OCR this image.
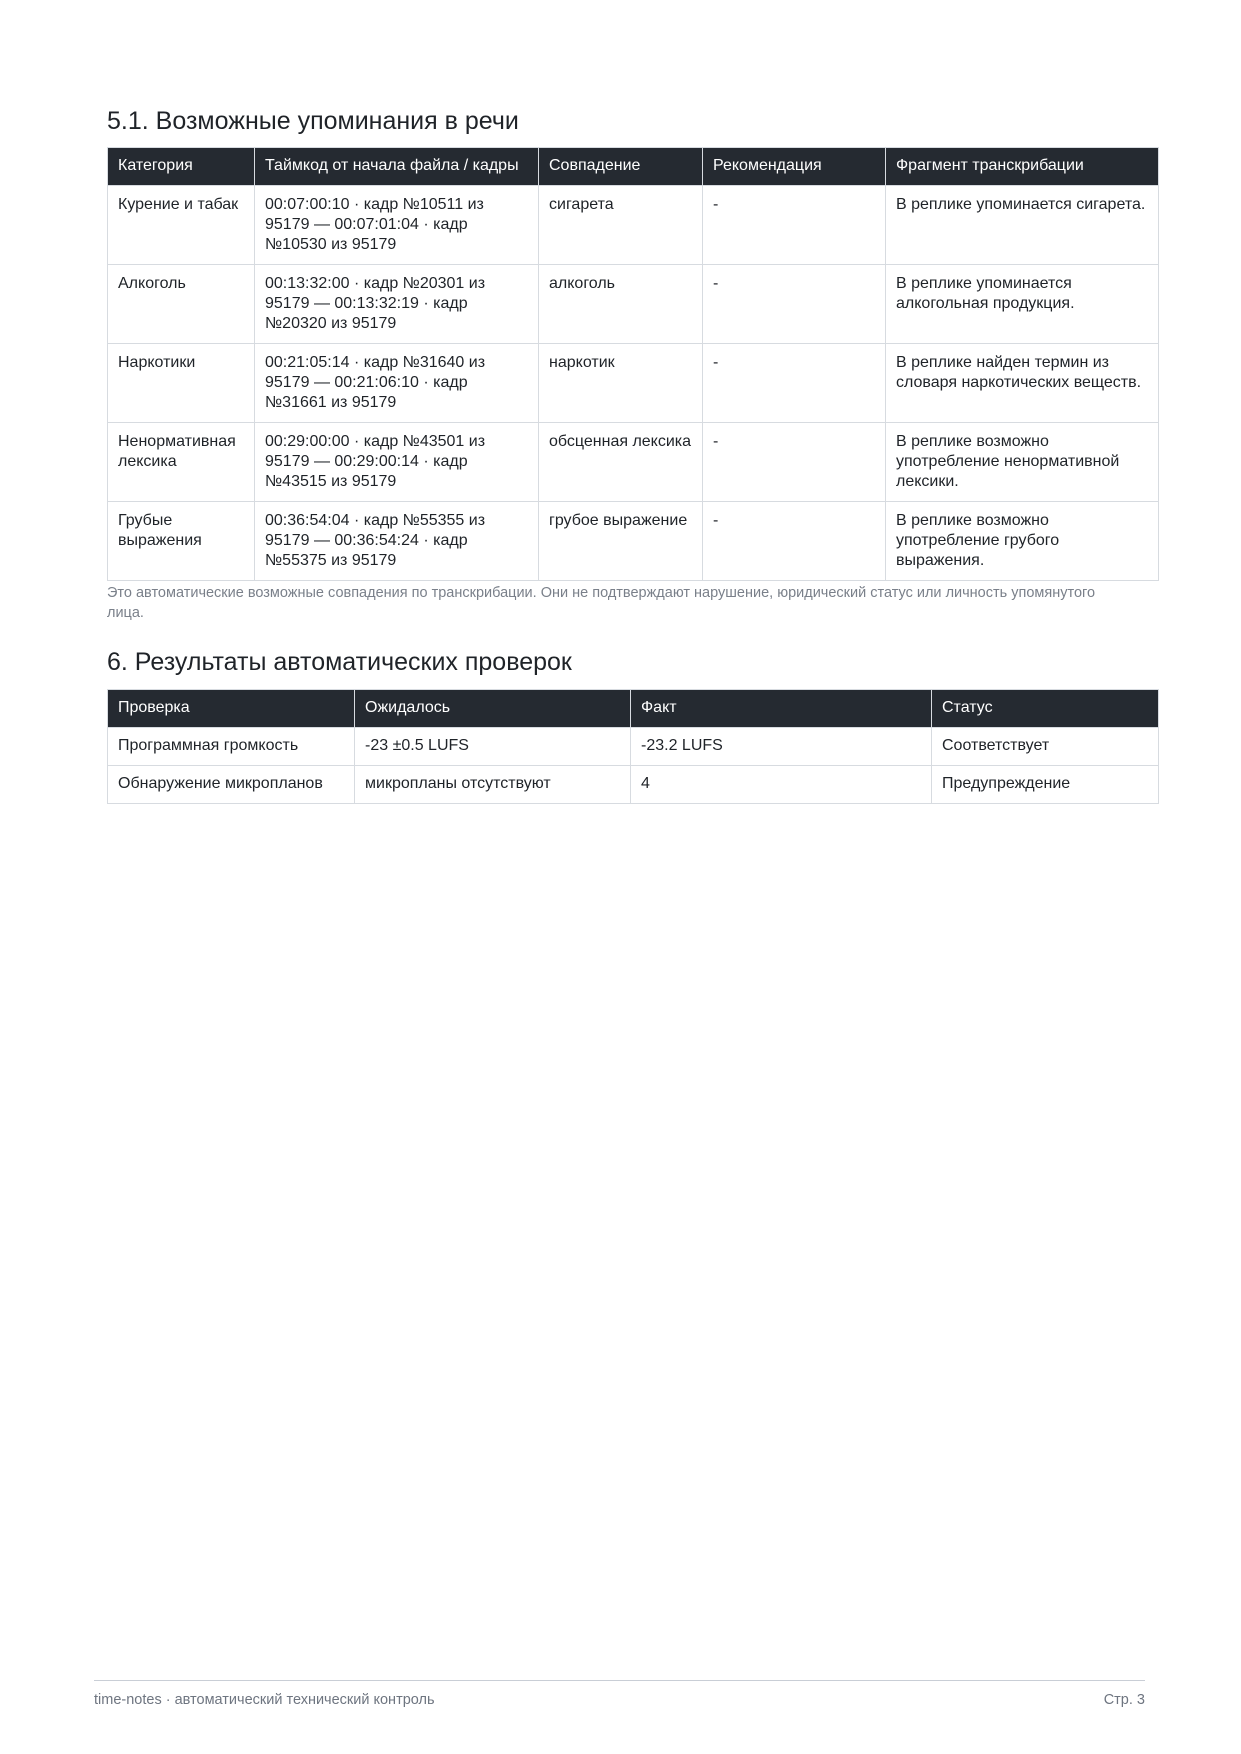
5.1. Возможные упоминания в речи
Категория	Таймкод от начала файла / кадры	Совпадение	Рекомендация	Фрагмент транскрибации
Курение и табак	00:07:00:10 · кадр №10511 из 95179 — 00:07:01:04 · кадр №10530 из 95179	сигарета	-	В реплике упоминается сигарета.
Алкоголь	00:13:32:00 · кадр №20301 из 95179 — 00:13:32:19 · кадр №20320 из 95179	алкоголь	-	В реплике упоминается алкогольная продукция.
Наркотики	00:21:05:14 · кадр №31640 из 95179 — 00:21:06:10 · кадр №31661 из 95179	наркотик	-	В реплике найден термин из словаря наркотических веществ.
Ненормативная лексика	00:29:00:00 · кадр №43501 из 95179 — 00:29:00:14 · кадр №43515 из 95179	обсценная лексика	-	В реплике возможно употребление ненормативной лексики.
Грубые выражения	00:36:54:04 · кадр №55355 из 95179 — 00:36:54:24 · кадр №55375 из 95179	грубое выражение	-	В реплике возможно употребление грубого выражения.
Это автоматические возможные совпадения по транскрибации. Они не подтверждают нарушение, юридический статус или личность упомянутого лица.
6. Результаты автоматических проверок
Проверка	Ожидалось	Факт	Статус
Программная громкость	-23 ±0.5 LUFS	-23.2 LUFS	Соответствует
Обнаружение микропланов	микропланы отсутствуют	4	Предупреждение
time-notes · автоматический технический контроль	Стр. 3
